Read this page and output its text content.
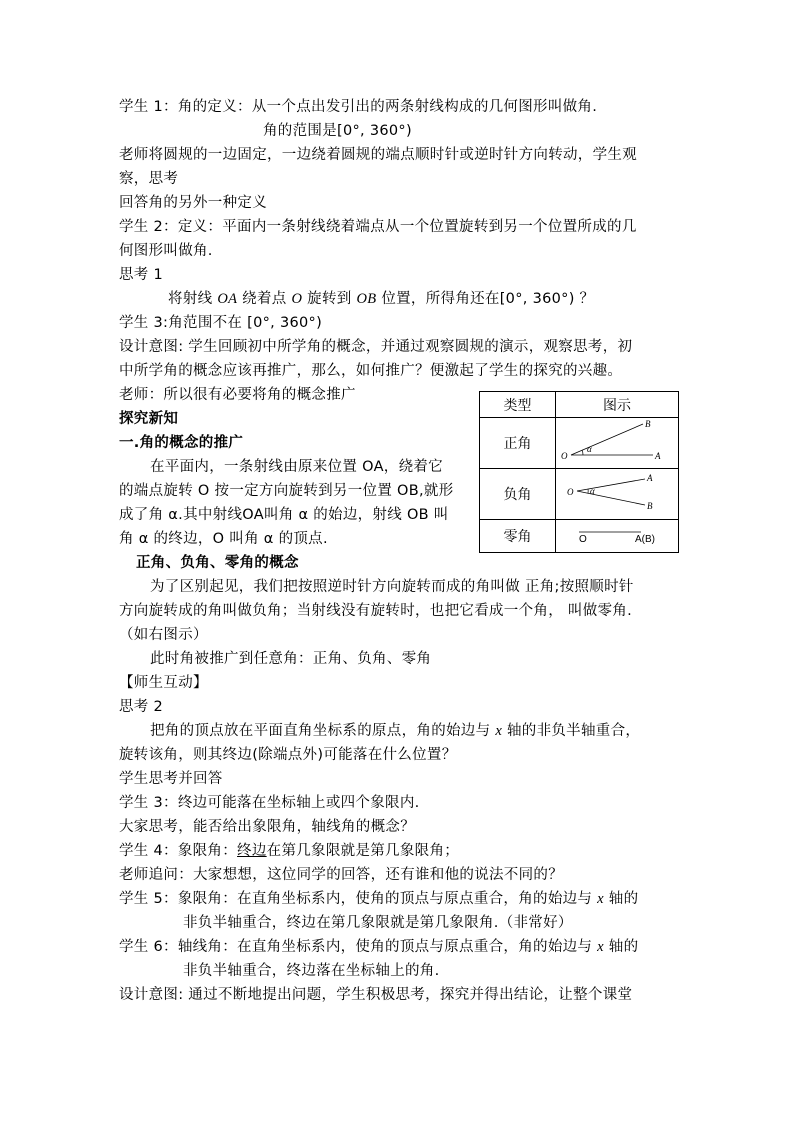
学生 1：角的定义：从一个点出发引出的两条射线构成的几何图形叫做角.
角的范围是[0°, 360°)
老师将圆规的一边固定，一边绕着圆规的端点顺时针或逆时针方向转动，学生观
察，思考
回答角的另外一种定义
学生 2：定义：平面内一条射线绕着端点从一个位置旋转到另一个位置所成的几
何图形叫做角.
思考 1
将射线 OA 绕着点 O 旋转到 OB 位置，所得角还在[0°, 360°) ？
学生 3:角范围不在 [0°, 360°)
设计意图: 学生回顾初中所学角的概念，并通过观察圆规的演示，观察思考，初
中所学角的概念应该再推广，那么，如何推广？便激起了学生的探究的兴趣。
老师：所以很有必要将角的概念推广
探究新知
一.角的概念的推广
在平面内，一条射线由原来位置 OA，绕着它
的端点旋转 O 按一定方向旋转到另一位置 OB,就形
成了角 α.其中射线OA叫角 α 的始边，射线 OB 叫
角 α 的终边，O 叫角 α 的顶点.
正角、负角、零角的概念
为了区别起见，我们把按照逆时针方向旋转而成的角叫做 正角;按照顺时针
方向旋转成的角叫做负角；当射线没有旋转时，也把它看成一个角， 叫做零角.
（如右图示）
此时角被推广到任意角：正角、负角、零角
【师生互动】
思考 2
把角的顶点放在平面直角坐标系的原点，角的始边与 x 轴的非负半轴重合，
旋转该角，则其终边(除端点外)可能落在什么位置？
学生思考并回答
学生 3：终边可能落在坐标轴上或四个象限内.
大家思考，能否给出象限角，轴线角的概念？
学生 4：象限角：终边在第几象限就是第几象限角；
老师追问：大家想想，这位同学的回答，还有谁和他的说法不同的？
学生 5：象限角：在直角坐标系内，使角的顶点与原点重合，角的始边与 x 轴的
非负半轴重合，终边在第几象限就是第几象限角.（非常好）
学生 6：轴线角：在直角坐标系内，使角的顶点与原点重合，角的始边与 x 轴的
非负半轴重合，终边落在坐标轴上的角.
设计意图: 通过不断地提出问题，学生积极思考，探究并得出结论，让整个课堂
类型	图示
正角	B
α
O A

负角	A
α
O
B

零角	O A(B)
